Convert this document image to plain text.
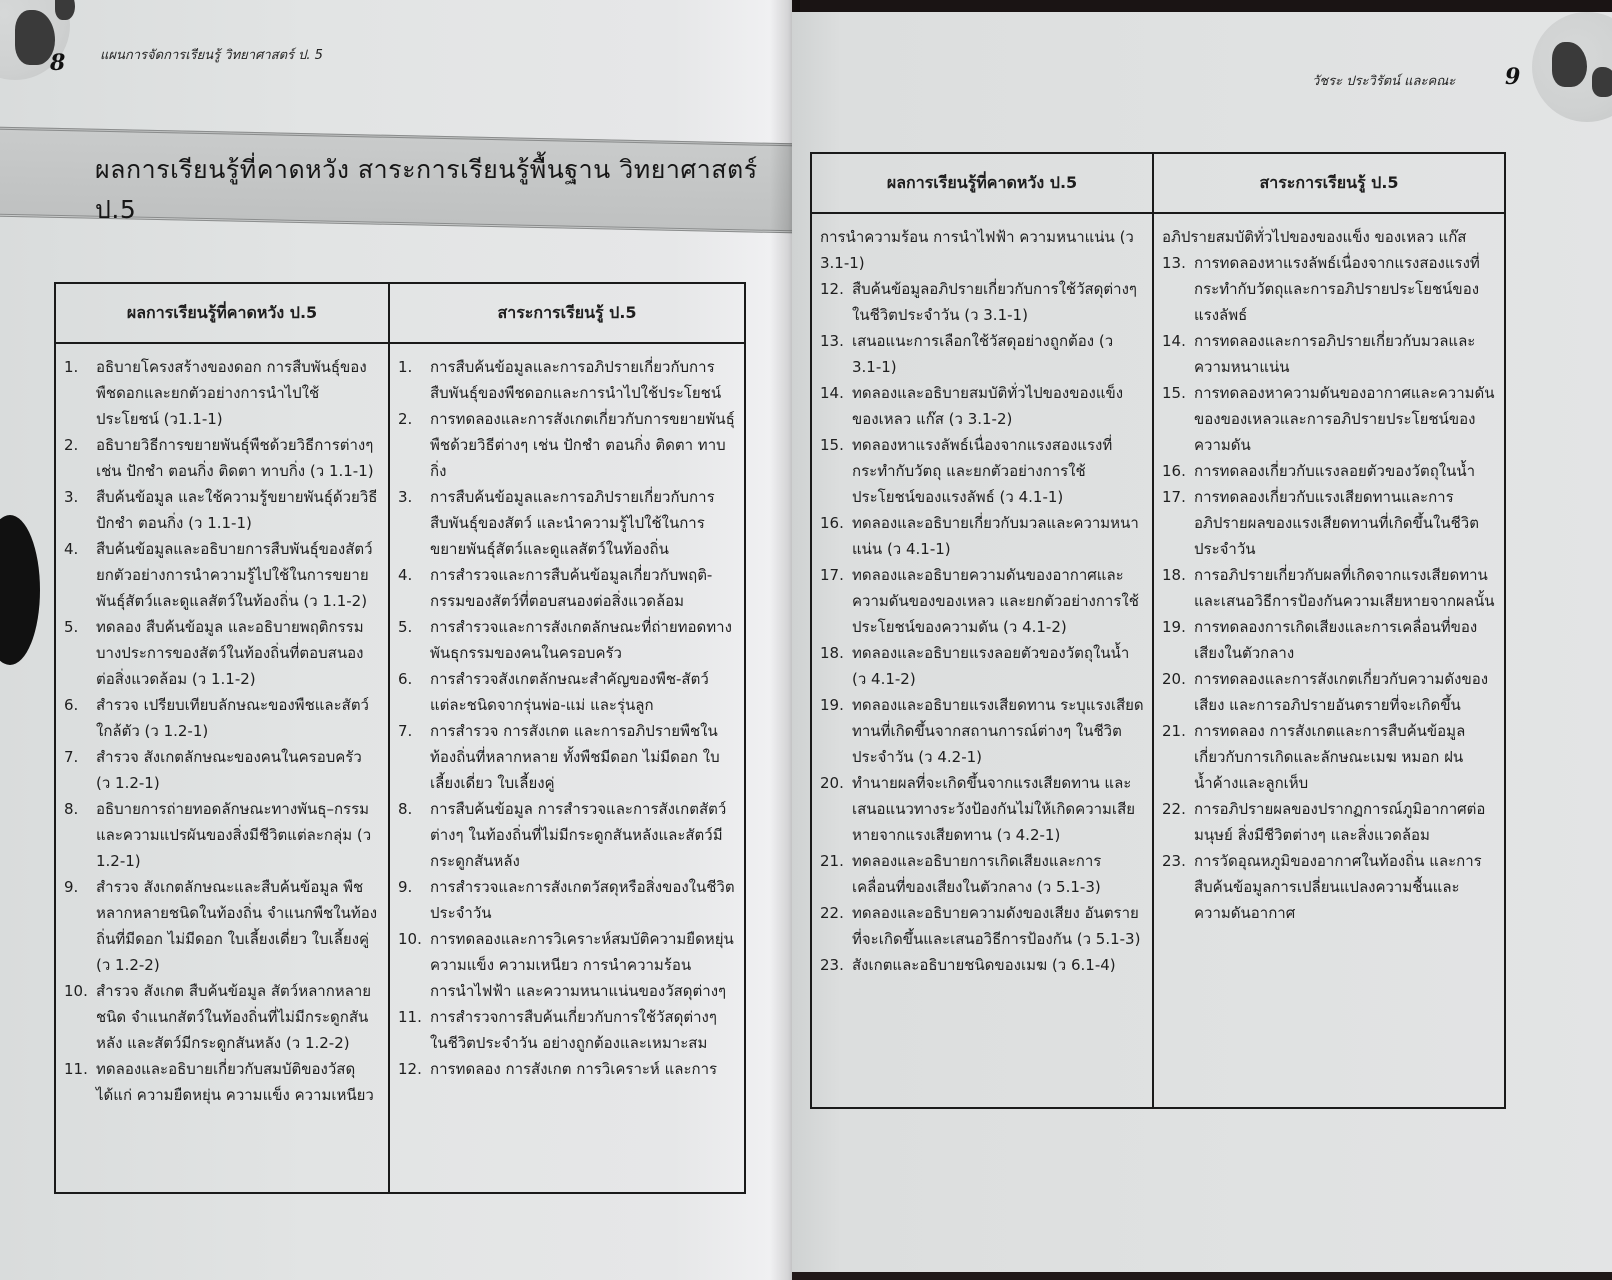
8	แผนการจัดการเรียนรู้ วิทยาศาสตร์ ป. 5
ผลการเรียนรู้ที่คาดหวัง สาระการเรียนรู้พื้นฐาน วิทยาศาสตร์ ป.5
ผลการเรียนรู้ที่คาดหวัง ป.5	สาระการเรียนรู้ ป.5

1.	อธิบายโครงสร้างของดอก การสืบพันธุ์ของพืชดอกและยกตัวอย่างการนำไปใช้ประโยชน์ (ว1.1-1)
2.	อธิบายวิธีการขยายพันธุ์พืชด้วยวิธีการต่างๆ เช่น ปักชำ ตอนกิ่ง ติดตา ทาบกิ่ง (ว 1.1-1)
3.	สืบค้นข้อมูล และใช้ความรู้ขยายพันธุ์ด้วยวิธีปักชำ ตอนกิ่ง (ว 1.1-1)
4.	สืบค้นข้อมูลและอธิบายการสืบพันธุ์ของสัตว์ ยกตัวอย่างการนำความรู้ไปใช้ในการขยายพันธุ์สัตว์และดูแลสัตว์ในท้องถิ่น (ว 1.1-2)
5.	ทดลอง สืบค้นข้อมูล และอธิบายพฤติกรรมบางประการของสัตว์ในท้องถิ่นที่ตอบสนองต่อสิ่งแวดล้อม (ว 1.1-2)
6.	สำรวจ เปรียบเทียบลักษณะของพืชและสัตว์ใกล้ตัว (ว 1.2-1)
7.	สำรวจ สังเกตลักษณะของคนในครอบครัว (ว 1.2-1)
8.	อธิบายการถ่ายทอดลักษณะทางพันธุ–กรรมและความแปรผันของสิ่งมีชีวิตแต่ละกลุ่ม (ว 1.2-1)
9.	สำรวจ สังเกตลักษณะและสืบค้นข้อมูล พืชหลากหลายชนิดในท้องถิ่น จำแนกพืชในท้องถิ่นที่มีดอก ไม่มีดอก ใบเลี้ยงเดี่ยว ใบเลี้ยงคู่ (ว 1.2-2)
10. สำรวจ สังเกต สืบค้นข้อมูล สัตว์หลากหลายชนิด จำแนกสัตว์ในท้องถิ่นที่ไม่มีกระดูกสันหลัง และสัตว์มีกระดูกสันหลัง (ว 1.2-2)
11. ทดลองและอธิบายเกี่ยวกับสมบัติของวัสดุ ได้แก่ ความยืดหยุ่น ความแข็ง ความเหนียว

1.	การสืบค้นข้อมูลและการอภิปรายเกี่ยวกับการสืบพันธุ์ของพืชดอกและการนำไปใช้ประโยชน์
2.	การทดลองและการสังเกตเกี่ยวกับการขยายพันธุ์พืชด้วยวิธีต่างๆ เช่น ปักชำ ตอนกิ่ง ติดตา ทาบกิ่ง
3.	การสืบค้นข้อมูลและการอภิปรายเกี่ยวกับการสืบพันธุ์ของสัตว์ และนำความรู้ไปใช้ในการขยายพันธุ์สัตว์และดูแลสัตว์ในท้องถิ่น
4.	การสำรวจและการสืบค้นข้อมูลเกี่ยวกับพฤติ-กรรมของสัตว์ที่ตอบสนองต่อสิ่งแวดล้อม
5.	การสำรวจและการสังเกตลักษณะที่ถ่ายทอดทางพันธุกรรมของคนในครอบครัว
6.	การสำรวจสังเกตลักษณะสำคัญของพืช-สัตว์แต่ละชนิดจากรุ่นพ่อ-แม่ และรุ่นลูก
7.	การสำรวจ การสังเกต และการอภิปรายพืชในท้องถิ่นที่หลากหลาย ทั้งพืชมีดอก ไม่มีดอก ใบเลี้ยงเดี่ยว ใบเลี้ยงคู่
8.	การสืบค้นข้อมูล การสำรวจและการสังเกตสัตว์ต่างๆ ในท้องถิ่นที่ไม่มีกระดูกสันหลังและสัตว์มีกระดูกสันหลัง
9.	การสำรวจและการสังเกตวัสดุหรือสิ่งของในชีวิตประจำวัน
10. การทดลองและการวิเคราะห์สมบัติความยืดหยุ่น ความแข็ง ความเหนียว การนำความร้อน การนำไฟฟ้า และความหนาแน่นของวัสดุต่างๆ
11. การสำรวจการสืบค้นเกี่ยวกับการใช้วัสดุต่างๆ ในชีวิตประจำวัน อย่างถูกต้องและเหมาะสม
12. การทดลอง การสังเกต การวิเคราะห์ และการ
วัชระ ประวิรัตน์ และคณะ 9
ผลการเรียนรู้ที่คาดหวัง ป.5	สาระการเรียนรู้ ป.5

การนำความร้อน การนำไฟฟ้า ความหนาแน่น (ว 3.1-1)
12. สืบค้นข้อมูลอภิปรายเกี่ยวกับการใช้วัสดุต่างๆในชีวิตประจำวัน (ว 3.1-1)
13. เสนอแนะการเลือกใช้วัสดุอย่างถูกต้อง (ว 3.1-1)
14. ทดลองและอธิบายสมบัติทั่วไปของของแข็ง ของเหลว แก๊ส (ว 3.1-2)
15. ทดลองหาแรงลัพธ์เนื่องจากแรงสองแรงที่กระทำกับวัตถุ และยกตัวอย่างการใช้ประโยชน์ของแรงลัพธ์ (ว 4.1-1)
16. ทดลองและอธิบายเกี่ยวกับมวลและความหนาแน่น (ว 4.1-1)
17. ทดลองและอธิบายความดันของอากาศและความดันของของเหลว และยกตัวอย่างการใช้ประโยชน์ของความดัน (ว 4.1-2)
18. ทดลองและอธิบายแรงลอยตัวของวัตถุในน้ำ (ว 4.1-2)
19. ทดลองและอธิบายแรงเสียดทาน ระบุแรงเสียดทานที่เกิดขึ้นจากสถานการณ์ต่างๆ ในชีวิตประจำวัน (ว 4.2-1)
20. ทำนายผลที่จะเกิดขึ้นจากแรงเสียดทาน และเสนอแนวทางระวังป้องกันไม่ให้เกิดความเสียหายจากแรงเสียดทาน (ว 4.2-1)
21. ทดลองและอธิบายการเกิดเสียงและการเคลื่อนที่ของเสียงในตัวกลาง (ว 5.1-3)
22. ทดลองและอธิบายความดังของเสียง อันตรายที่จะเกิดขึ้นและเสนอวิธีการป้องกัน (ว 5.1-3)
23. สังเกตและอธิบายชนิดของเมฆ (ว 6.1-4)

อภิปรายสมบัติทั่วไปของของแข็ง ของเหลว แก๊ส
13. การทดลองหาแรงลัพธ์เนื่องจากแรงสองแรงที่กระทำกับวัตถุและการอภิปรายประโยชน์ของแรงลัพธ์
14. การทดลองและการอภิปรายเกี่ยวกับมวลและความหนาแน่น
15. การทดลองหาความดันของอากาศและความดันของของเหลวและการอภิปรายประโยชน์ของความดัน
16. การทดลองเกี่ยวกับแรงลอยตัวของวัตถุในน้ำ
17. การทดลองเกี่ยวกับแรงเสียดทานและการอภิปรายผลของแรงเสียดทานที่เกิดขึ้นในชีวิตประจำวัน
18. การอภิปรายเกี่ยวกับผลที่เกิดจากแรงเสียดทานและเสนอวิธีการป้องกันความเสียหายจากผลนั้น
19. การทดลองการเกิดเสียงและการเคลื่อนที่ของเสียงในตัวกลาง
20. การทดลองและการสังเกตเกี่ยวกับความดังของเสียง และการอภิปรายอันตรายที่จะเกิดขึ้น
21. การทดลอง การสังเกตและการสืบค้นข้อมูลเกี่ยวกับการเกิดและลักษณะเมฆ หมอก ฝน น้ำค้างและลูกเห็บ
22. การอภิปรายผลของปรากฏการณ์ภูมิอากาศต่อมนุษย์ สิ่งมีชีวิตต่างๆ และสิ่งแวดล้อม
23. การวัดอุณหภูมิของอากาศในท้องถิ่น และการสืบค้นข้อมูลการเปลี่ยนแปลงความชื้นและความดันอากาศ
